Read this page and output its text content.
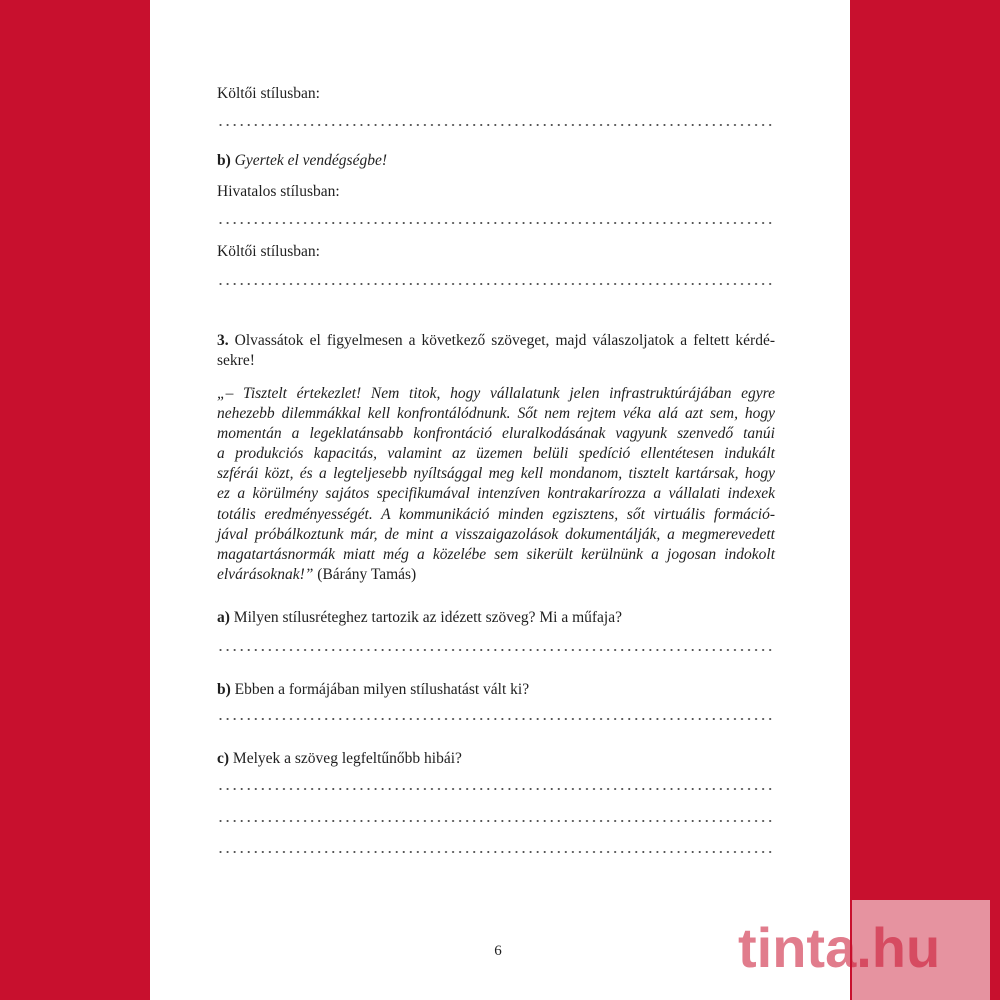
Költői stílusban:
b) Gyertek el vendégségbe!
Hivatalos stílusban:
Költői stílusban:
3. Olvassátok el figyelmesen a következő szöveget, majd válaszoljatok a feltett kérdé-
sekre!
„– Tisztelt értekezlet! Nem titok, hogy vállalatunk jelen infrastruktúrájában egyre
nehezebb dilemmákkal kell konfrontálódnunk. Sőt nem rejtem véka alá azt sem, hogy
momentán a legeklatánsabb konfrontáció eluralkodásának vagyunk szenvedő tanúi
a produkciós kapacitás, valamint az üzemen belüli spedíció ellentétesen indukált
szférái közt, és a legteljesebb nyíltsággal meg kell mondanom, tisztelt kartársak, hogy
ez a körülmény sajátos specifikumával intenzíven kontrakarírozza a vállalati indexek
totális eredményességét. A kommunikáció minden egzisztens, sőt virtuális formáció-
jával próbálkoztunk már, de mint a visszaigazolások dokumentálják, a megmerevedett
magatartásnormák miatt még a közelébe sem sikerült kerülnünk a jogosan indokolt
elvárásoknak!” (Bárány Tamás)
a) Milyen stílusréteghez tartozik az idézett szöveg? Mi a műfaja?
b) Ebben a formájában milyen stílushatást vált ki?
c) Melyek a szöveg legfeltűnőbb hibái?
6	tinta.hu
